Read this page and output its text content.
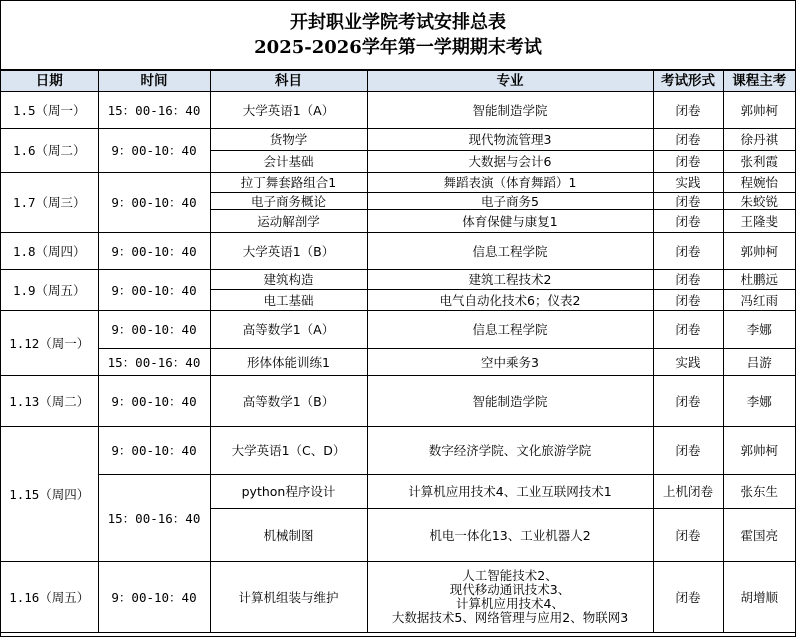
开封职业学院考试安排总表
2025-2026学年第一学期期末考试
日期	时间	科目	专业	考试形式	课程主考
1.5（周一）	15：00-16：40	大学英语1（A）	智能制造学院	闭卷	郭帅柯
1.6（周二）	9：00-10：40	货物学	现代物流管理3	闭卷	徐丹祺
		会计基础	大数据与会计6	闭卷	张利霞
1.7（周三）	9：00-10：40	拉丁舞套路组合1	舞蹈表演（体育舞蹈）1	实践	程婉怡
		电子商务概论	电子商务5	闭卷	朱蛟锐
		运动解剖学	体育保健与康复1	闭卷	王隆斐
1.8（周四）	9：00-10：40	大学英语1（B）	信息工程学院	闭卷	郭帅柯
1.9（周五）	9：00-10：40	建筑构造	建筑工程技术2	闭卷	杜鹏远
		电工基础	电气自动化技术6；仪表2	闭卷	冯红雨
1.12（周一）	9：00-10：40	高等数学1（A）	信息工程学院	闭卷	李娜
	15：00-16：40	形体体能训练1	空中乘务3	实践	吕游
1.13（周二）	9：00-10：40	高等数学1（B）	智能制造学院	闭卷	李娜
1.15（周四）	9：00-10：40	大学英语1（C、D）	数字经济学院、文化旅游学院	闭卷	郭帅柯
	15：00-16：40	python程序设计	计算机应用技术4、工业互联网技术1	上机闭卷	张东生
		机械制图	机电一体化13、工业机器人2	闭卷	霍国亮
1.16（周五）	9：00-10：40	计算机组装与维护	人工智能技术2、
现代移动通讯技术3、
计算机应用技术4、
大数据技术5、网络管理与应用2、物联网3	闭卷	胡增顺
